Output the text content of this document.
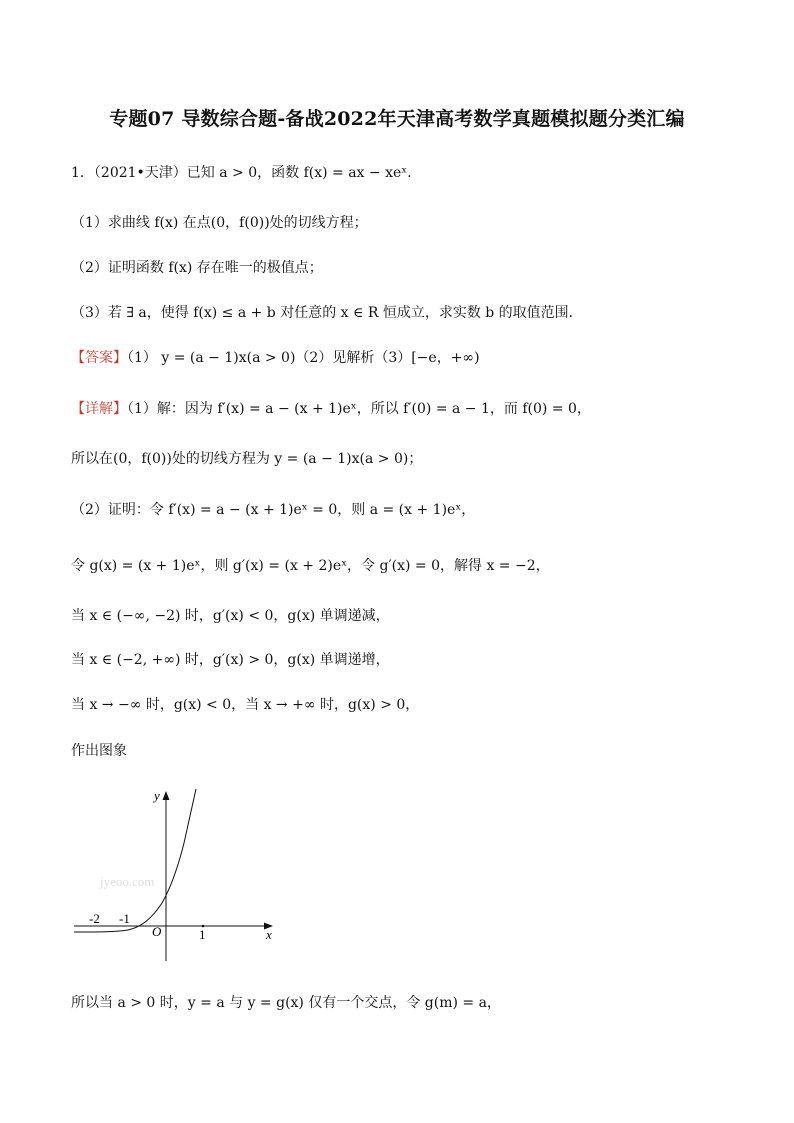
专题07 导数综合题-备战2022年天津高考数学真题模拟题分类汇编
1．（2021•天津）已知 a > 0，函数 f(x) = ax − xeˣ．
（1）求曲线 f(x) 在点(0，f(0))处的切线方程；
（2）证明函数 f(x) 存在唯一的极值点；
（3）若 ∃ a，使得 f(x) ≤ a + b 对任意的 x ∈ R 恒成立，求实数 b 的取值范围．
【答案】（1） y = (a − 1)x(a > 0)（2）见解析（3）[−e，+∞)
【详解】（1）解：因为 f′(x) = a − (x + 1)eˣ，所以 f′(0) = a − 1，而 f(0) = 0，
所以在(0，f(0))处的切线方程为 y = (a − 1)x(a > 0)；
（2）证明：令 f′(x) = a − (x + 1)eˣ = 0，则 a = (x + 1)eˣ，
令 g(x) = (x + 1)eˣ，则 g′(x) = (x + 2)eˣ，令 g′(x) = 0，解得 x = −2，
当 x ∈ (−∞, −2) 时，g′(x) < 0，g(x) 单调递减，
当 x ∈ (−2, +∞) 时，g′(x) > 0，g(x) 单调递增，
当 x → −∞ 时，g(x) < 0，当 x → +∞ 时，g(x) > 0，
作出图象
jyeoo.com
y
x
O
-2 -1
1
所以当 a > 0 时，y = a 与 y = g(x) 仅有一个交点，令 g(m) = a，
